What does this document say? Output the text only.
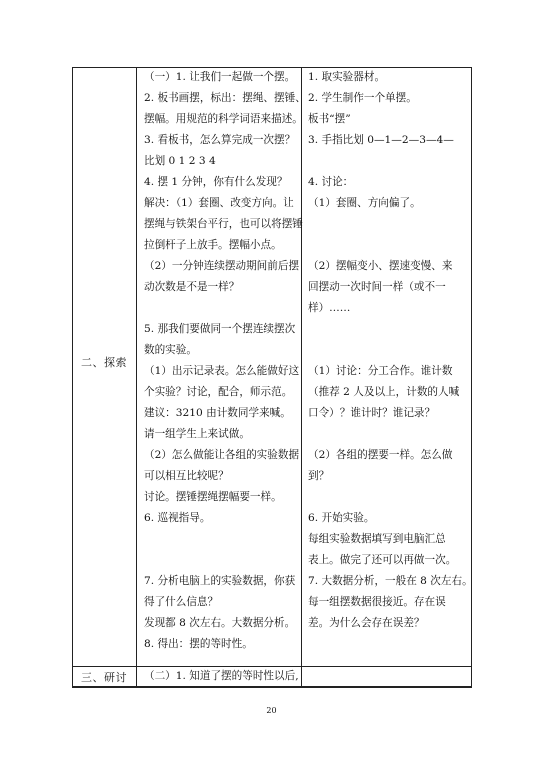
二、探索
三、研讨

（一）1. 让我们一起做一个摆。

2. 板书画摆，标出：摆绳、摆锤、

摆幅。用规范的科学词语来描述。

3. 看板书，怎么算完成一次摆？

比划 0 1 2 3 4

4. 摆 1 分钟，你有什么发现？

解决：（1）套圈、改变方向。让

摆绳与铁架台平行，也可以将摆锤

拉倒杆子上放手。摆幅小点。

（2）一分钟连续摆动期间前后摆

动次数是不是一样？

5. 那我们要做同一个摆连续摆次

数的实验。

（1）出示记录表。怎么能做好这

个实验？讨论，配合，师示范。

建议：3210 由计数同学来喊。

请一组学生上来试做。

（2）怎么做能让各组的实验数据

可以相互比较呢？

讨论。摆锤摆绳摆幅要一样。

6. 巡视指导。

7. 分析电脑上的实验数据，你获

得了什么信息？

发现都 8 次左右。大数据分析。

8. 得出：摆的等时性。

1. 取实验器材。

2. 学生制作一个单摆。

板书“摆”

3. 手指比划 0—1—2—3—4—

4. 讨论：

（1）套圈、方向偏了。

（2）摆幅变小、摆速变慢、来

回摆动一次时间一样（或不一

样）……

（1）讨论：分工合作。谁计数

（推荐 2 人及以上，计数的人喊

口令）？谁计时？谁记录？

（2）各组的摆要一样。怎么做

到？

6. 开始实验。

每组实验数据填写到电脑汇总

表上。做完了还可以再做一次。

7. 大数据分析，一般在 8 次左右。

每一组摆数据很接近。存在误

差。为什么会存在误差？

（二）1. 知道了摆的等时性以后,
20
